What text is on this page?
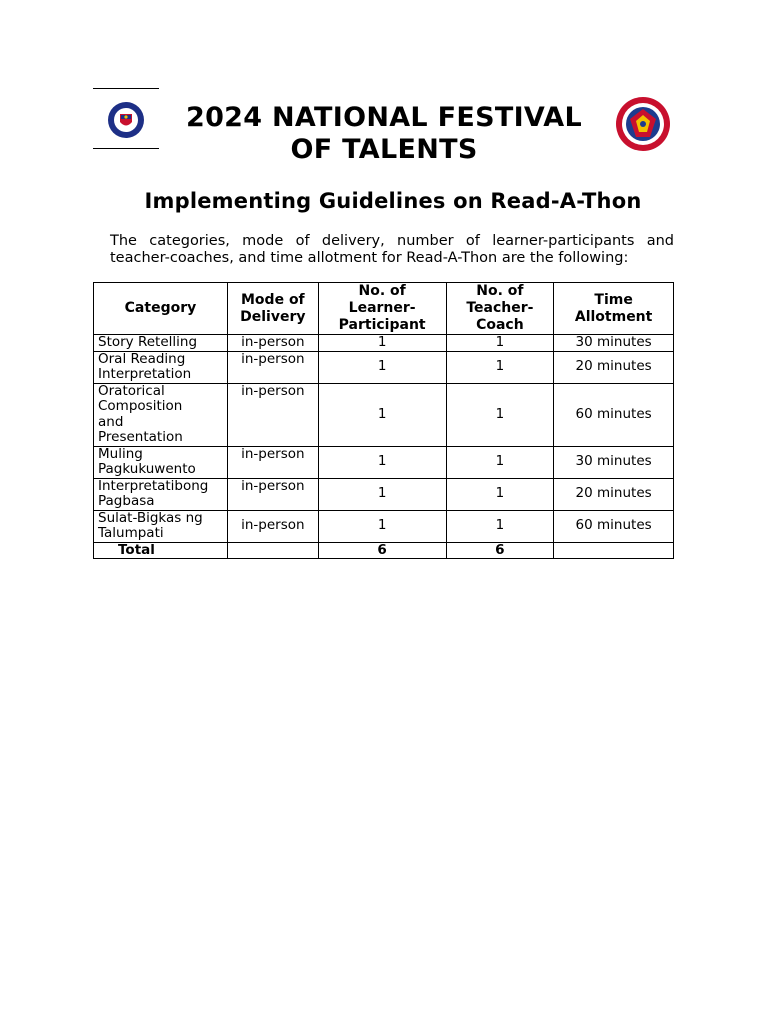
2024 NATIONAL FESTIVAL
OF TALENTS
Implementing Guidelines on Read-A-Thon

The categories, mode of delivery, number of learner-participants and teacher-coaches, and time allotment for Read-A-Thon are the following:

Category	Mode of Delivery	No. of Learner-Participant	No. of Teacher-Coach	Time Allotment
Story Retelling	in-person	1	1	30 minutes
Oral Reading Interpretation	in-person	1	1	20 minutes
Oratorical Composition and Presentation	in-person	1	1	60 minutes
Muling Pagkukuwento	in-person	1	1	30 minutes
Interpretatibong Pagbasa	in-person	1	1	20 minutes
Sulat-Bigkas ng Talumpati	in-person	1	1	60 minutes
Total		6	6	
